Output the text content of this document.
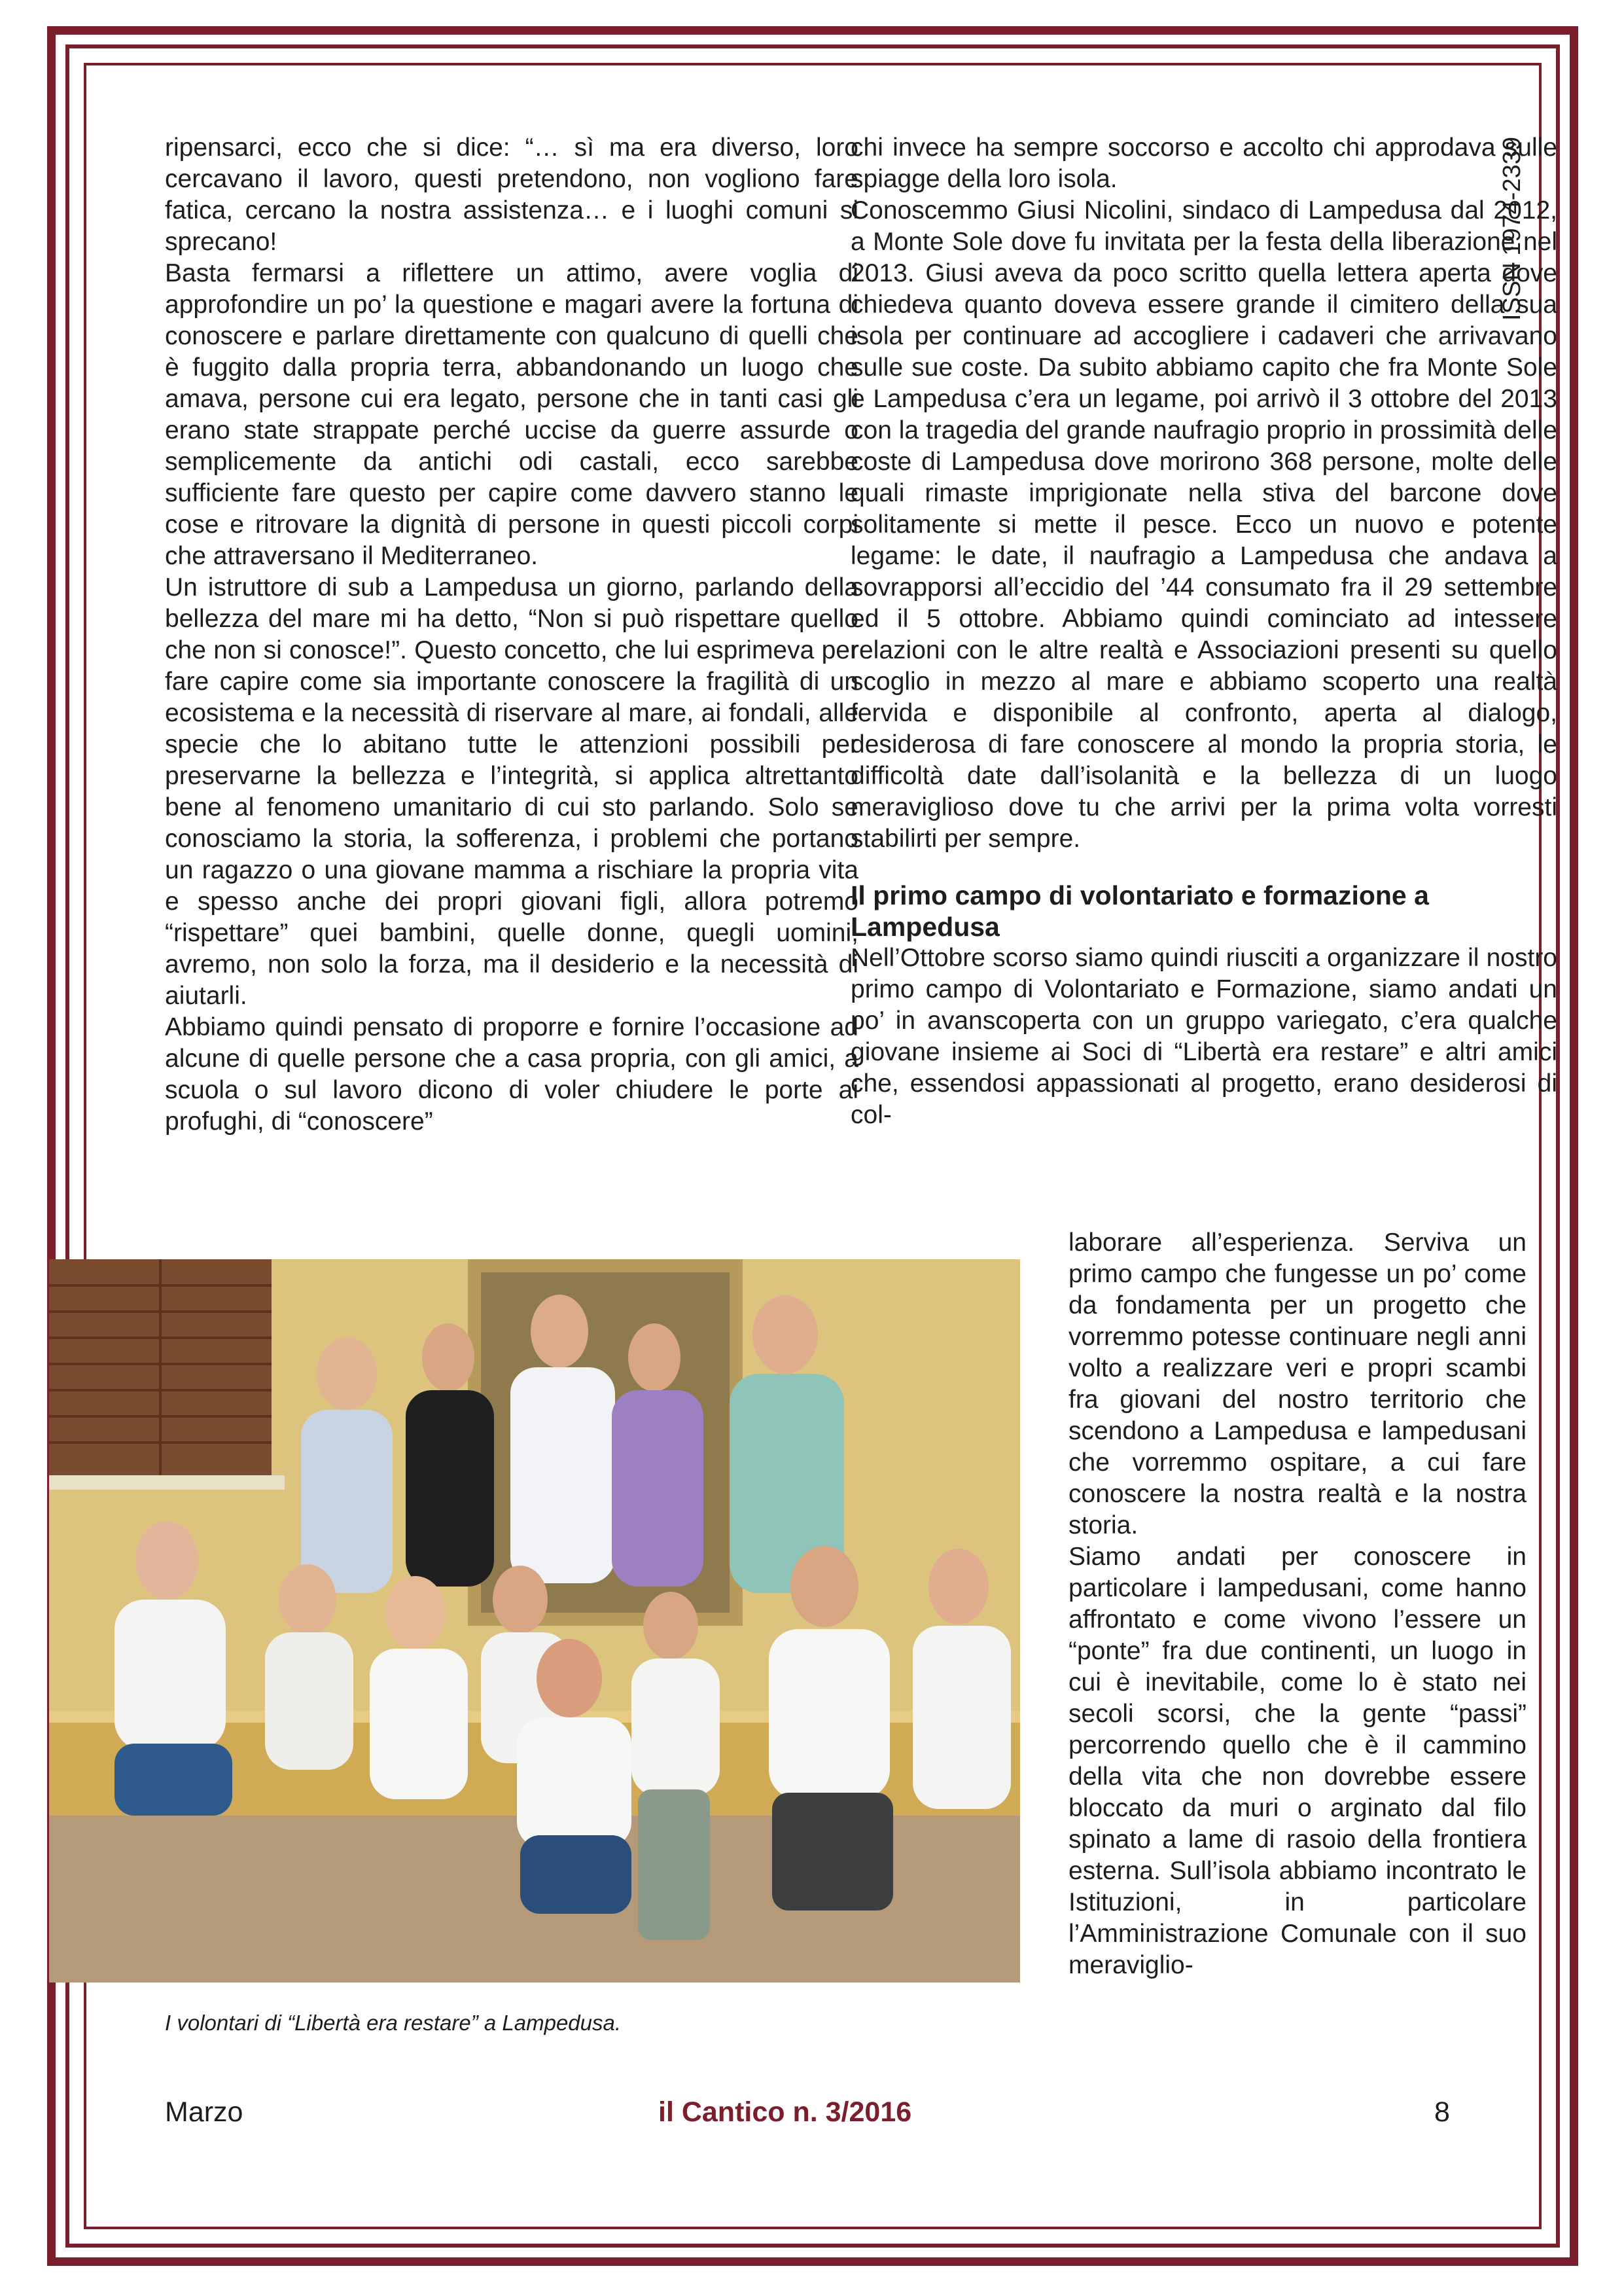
ISSN 1974-2339

ripensarci, ecco che si dice: “… sì ma era diverso, loro cercavano il lavoro, questi pretendono, non vogliono fare fatica, cercano la nostra assistenza… e i luoghi comuni si sprecano!

Basta fermarsi a riflettere un attimo, avere voglia di approfondire un po’ la questione e magari avere la fortuna di conoscere e parlare direttamente con qualcuno di quelli che è fuggito dalla propria terra, abbandonando un luogo che amava, persone cui era legato, persone che in tanti casi gli erano state strappate perché uccise da guerre assurde o semplicemente da antichi odi castali, ecco sarebbe sufficiente fare questo per capire come davvero stanno le cose e ritrovare la dignità di persone in questi piccoli corpi che attraversano il Mediterraneo.

Un istruttore di sub a Lampedusa un giorno, parlando della bellezza del mare mi ha detto, “Non si può rispettare quello che non si conosce!”. Questo concetto, che lui esprimeva per fare capire come sia importante conoscere la fragilità di un ecosistema e la necessità di riservare al mare, ai fondali, alle specie che lo abitano tutte le attenzioni possibili per preservarne la bellezza e l’integrità, si applica altrettanto bene al fenomeno umanitario di cui sto parlando. Solo se conosciamo la storia, la sofferenza, i problemi che portano un ragazzo o una giovane mamma a rischiare la propria vita e spesso anche dei propri giovani figli, allora potremo “rispettare” quei bambini, quelle donne, quegli uomini, avremo, non solo la forza, ma il desiderio e la necessità di aiutarli.

Abbiamo quindi pensato di proporre e fornire l’occasione ad alcune di quelle persone che a casa propria, con gli amici, a scuola o sul lavoro dicono di voler chiudere le porte ai profughi, di “conoscere”

chi invece ha sempre soccorso e accolto chi approdava sulle spiagge della loro isola.

Conoscemmo Giusi Nicolini, sindaco di Lampedusa dal 2012, a Monte Sole dove fu invitata per la festa della liberazione nel 2013. Giusi aveva da poco scritto quella lettera aperta dove chiedeva quanto doveva essere grande il cimitero della sua isola per continuare ad accogliere i cadaveri che arrivavano sulle sue coste. Da subito abbiamo capito che fra Monte Sole e Lampedusa c’era un legame, poi arrivò il 3 ottobre del 2013 con la tragedia del grande naufragio proprio in prossimità delle coste di Lampedusa dove morirono 368 persone, molte delle quali rimaste imprigionate nella stiva del barcone dove solitamente si mette il pesce. Ecco un nuovo e potente legame: le date, il naufragio a Lampedusa che andava a sovrapporsi all’eccidio del ’44 consumato fra il 29 settembre ed il 5 ottobre. Abbiamo quindi cominciato ad intessere relazioni con le altre realtà e Associazioni presenti su quello scoglio in mezzo al mare e abbiamo scoperto una realtà fervida e disponibile al confronto, aperta al dialogo, desiderosa di fare conoscere al mondo la propria storia, le difficoltà date dall’isolanità e la bellezza di un luogo meraviglioso dove tu che arrivi per la prima volta vorresti stabilirti per sempre.

Il primo campo di volontariato e formazione a Lampedusa

Nell’Ottobre scorso siamo quindi riusciti a organizzare il nostro primo campo di Volontariato e Formazione, siamo andati un po’ in avanscoperta con un gruppo variegato, c’era qualche giovane insieme ai Soci di “Libertà era restare” e altri amici che, essendosi appassionati al progetto, erano desiderosi di col-

laborare all’esperienza. Serviva un primo campo che fungesse un po’ come da fondamenta per un progetto che vorremmo potesse continuare negli anni volto a realizzare veri e propri scambi fra giovani del nostro territorio che scendono a Lampedusa e lampedusani che vorremmo ospitare, a cui fare conoscere la nostra realtà e la nostra storia.

Siamo andati per conoscere in particolare i lampedusani, come hanno affrontato e come vivono l’essere un “ponte” fra due continenti, un luogo in cui è inevitabile, come lo è stato nei secoli scorsi, che la gente “passi” percorrendo quello che è il cammino della vita che non dovrebbe essere bloccato da muri o arginato dal filo spinato a lame di rasoio della frontiera esterna. Sull’isola abbiamo incontrato le Istituzioni, in particolare l’Amministrazione Comunale con il suo meraviglio-

I volontari di “Libertà era restare” a Lampedusa.
Marzo	il Cantico n. 3/2016	8
